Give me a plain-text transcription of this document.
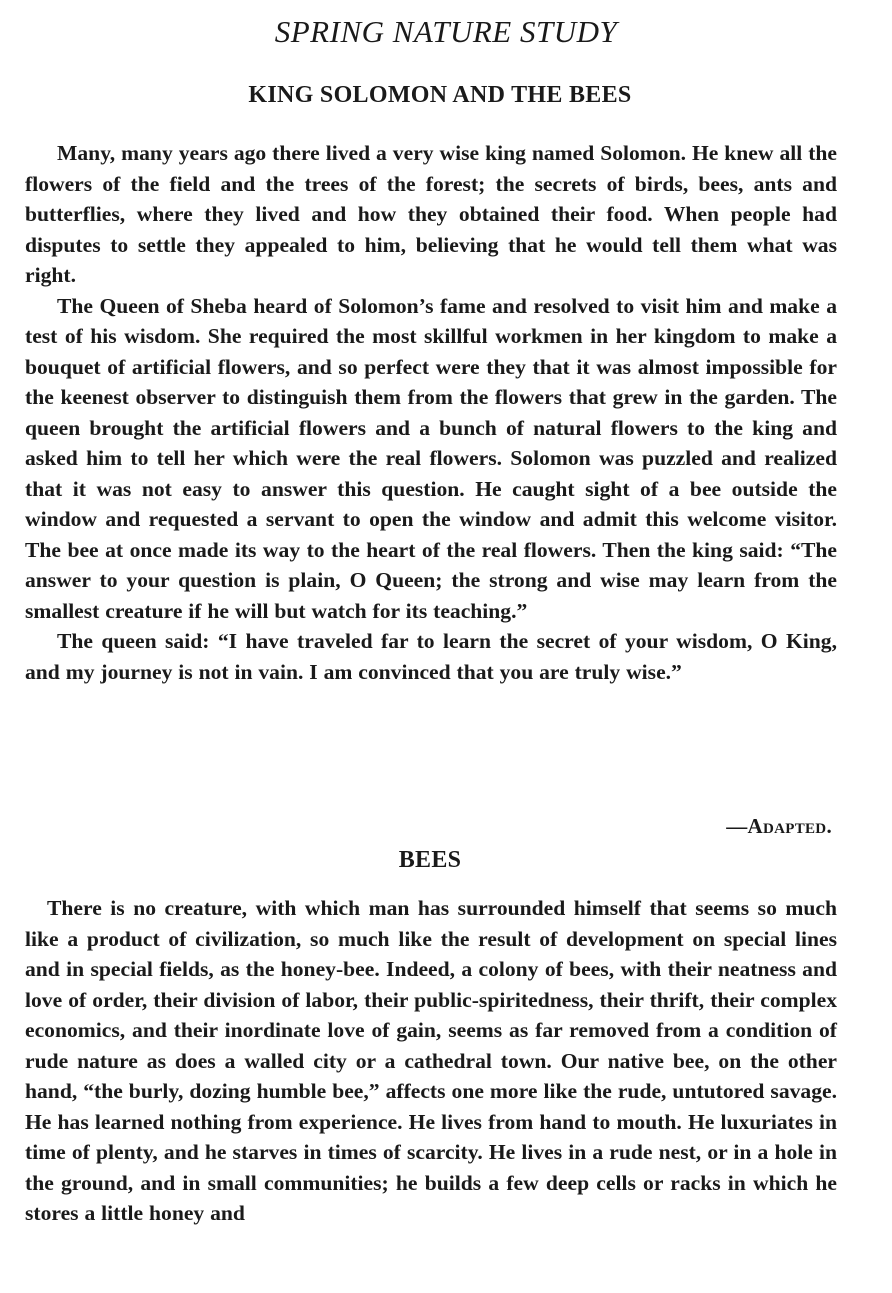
SPRING NATURE STUDY
KING SOLOMON AND THE BEES

Many, many years ago there lived a very wise king named Solomon. He knew all the flowers of the field and the trees of the forest; the secrets of birds, bees, ants and butterflies, where they lived and how they obtained their food. When people had disputes to settle they appealed to him, believing that he would tell them what was right.

The Queen of Sheba heard of Solomon’s fame and resolved to visit him and make a test of his wisdom. She required the most skillful workmen in her kingdom to make a bouquet of artificial flowers, and so perfect were they that it was almost impossible for the keenest observer to distinguish them from the flowers that grew in the garden. The queen brought the artificial flowers and a bunch of natural flowers to the king and asked him to tell her which were the real flowers. Solomon was puzzled and realized that it was not easy to answer this question. He caught sight of a bee outside the window and requested a servant to open the window and admit this welcome visitor. The bee at once made its way to the heart of the real flowers. Then the king said: “The answer to your question is plain, O Queen; the strong and wise may learn from the smallest creature if he will but watch for its teaching.”

The queen said: “I have traveled far to learn the secret of your wisdom, O King, and my journey is not in vain. I am convinced that you are truly wise.”

—Adapted.
BEES

There is no creature, with which man has surrounded himself that seems so much like a product of civilization, so much like the result of development on special lines and in special fields, as the honey-bee. Indeed, a colony of bees, with their neatness and love of order, their division of labor, their public-spiritedness, their thrift, their complex economics, and their inordinate love of gain, seems as far removed from a condition of rude nature as does a walled city or a cathedral town. Our native bee, on the other hand, “the burly, dozing humble bee,” affects one more like the rude, untutored savage. He has learned nothing from experience. He lives from hand to mouth. He luxuriates in time of plenty, and he starves in times of scarcity. He lives in a rude nest, or in a hole in the ground, and in small communities; he builds a few deep cells or racks in which he stores a little honey and
